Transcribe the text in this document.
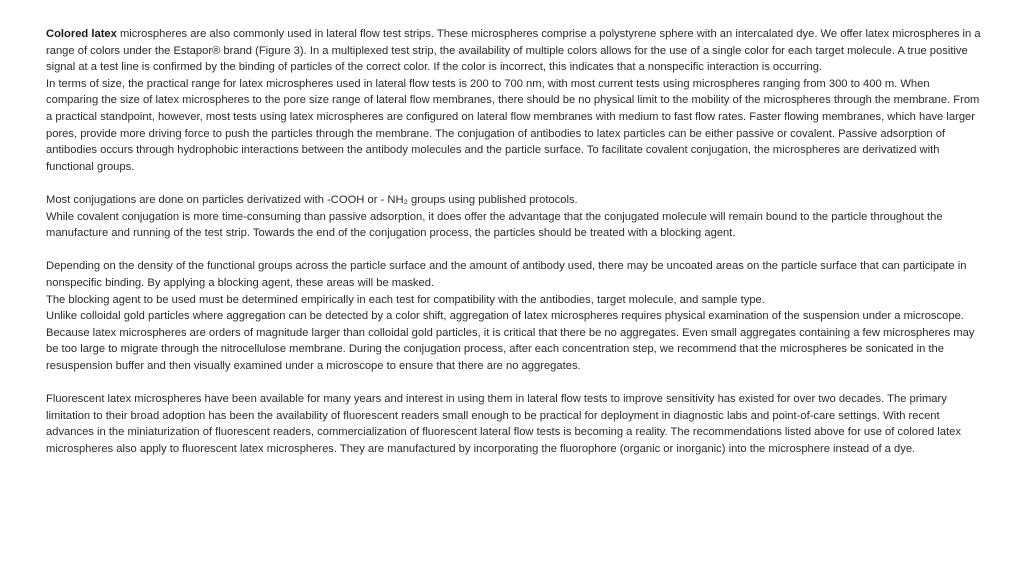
Colored latex microspheres are also commonly used in lateral flow test strips. These microspheres comprise a polystyrene sphere with an intercalated dye. We offer latex microspheres in a range of colors under the Estapor® brand (Figure 3). In a multiplexed test strip, the availability of multiple colors allows for the use of a single color for each target molecule. A true positive signal at a test line is confirmed by the binding of particles of the correct color. If the color is incorrect, this indicates that a nonspecific interaction is occurring.

In terms of size, the practical range for latex microspheres used in lateral flow tests is 200 to 700 nm, with most current tests using microspheres ranging from 300 to 400 m. When comparing the size of latex microspheres to the pore size range of lateral flow membranes, there should be no physical limit to the mobility of the microspheres through the membrane. From a practical standpoint, however, most tests using latex microspheres are configured on lateral flow membranes with medium to fast flow rates. Faster flowing membranes, which have larger pores, provide more driving force to push the particles through the membrane. The conjugation of antibodies to latex particles can be either passive or covalent. Passive adsorption of antibodies occurs through hydrophobic interactions between the antibody molecules and the particle surface. To facilitate covalent conjugation, the microspheres are derivatized with functional groups.

Most conjugations are done on particles derivatized with -COOH or - NH₂ groups using published protocols.

While covalent conjugation is more time-consuming than passive adsorption, it does offer the advantage that the conjugated molecule will remain bound to the particle throughout the manufacture and running of the test strip. Towards the end of the conjugation process, the particles should be treated with a blocking agent.

Depending on the density of the functional groups across the particle surface and the amount of antibody used, there may be uncoated areas on the particle surface that can participate in nonspecific binding. By applying a blocking agent, these areas will be masked.

The blocking agent to be used must be determined empirically in each test for compatibility with the antibodies, target molecule, and sample type.

Unlike colloidal gold particles where aggregation can be detected by a color shift, aggregation of latex microspheres requires physical examination of the suspension under a microscope. Because latex microspheres are orders of magnitude larger than colloidal gold particles, it is critical that there be no aggregates. Even small aggregates containing a few microspheres may be too large to migrate through the nitrocellulose membrane. During the conjugation process, after each concentration step, we recommend that the microspheres be sonicated in the resuspension buffer and then visually examined under a microscope to ensure that there are no aggregates.

Fluorescent latex microspheres have been available for many years and interest in using them in lateral flow tests to improve sensitivity has existed for over two decades. The primary limitation to their broad adoption has been the availability of fluorescent readers small enough to be practical for deployment in diagnostic labs and point-of-care settings. With recent advances in the miniaturization of fluorescent readers, commercialization of fluorescent lateral flow tests is becoming a reality. The recommendations listed above for use of colored latex microspheres also apply to fluorescent latex microspheres. They are manufactured by incorporating the fluorophore (organic or inorganic) into the microsphere instead of a dye.
